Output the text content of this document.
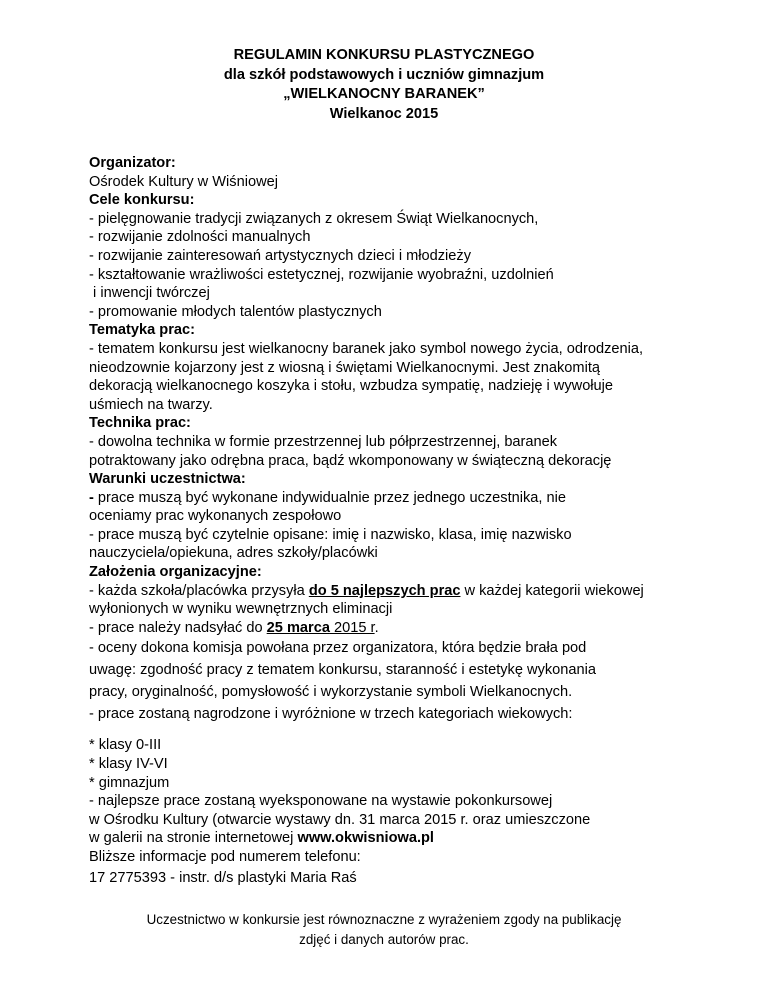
REGULAMIN KONKURSU PLASTYCZNEGO
dla szkół podstawowych i uczniów gimnazjum
„WIELKANOCNY BARANEK”
Wielkanoc 2015
Organizator:
Ośrodek Kultury w Wiśniowej
Cele konkursu:
- pielęgnowanie tradycji związanych z okresem Świąt Wielkanocnych,
- rozwijanie zdolności manualnych
- rozwijanie zainteresowań artystycznych dzieci i młodzieży
- kształtowanie wrażliwości estetycznej, rozwijanie wyobraźni, uzdolnień
i inwencji twórczej
- promowanie młodych talentów plastycznych
Tematyka prac:
- tematem konkursu jest wielkanocny baranek jako symbol nowego życia, odrodzenia,
nieodzownie kojarzony jest z wiosną i świętami Wielkanocnymi. Jest znakomitą
dekoracją wielkanocnego koszyka i stołu, wzbudza sympatię, nadzieję i wywołuje
uśmiech na twarzy.
Technika prac:
- dowolna technika w formie przestrzennej lub półprzestrzennej, baranek
potraktowany jako odrębna praca, bądź wkomponowany w świąteczną dekorację
Warunki uczestnictwa:
- prace muszą być wykonane indywidualnie przez jednego uczestnika, nie
oceniamy prac wykonanych zespołowo
- prace muszą być czytelnie opisane: imię i nazwisko, klasa, imię nazwisko
nauczyciela/opiekuna, adres szkoły/placówki
Założenia organizacyjne:
- każda szkoła/placówka przysyła do 5 najlepszych prac w każdej kategorii wiekowej
wyłonionych w wyniku wewnętrznych eliminacji
- prace należy nadsyłać do 25 marca 2015 r.
- oceny dokona komisja powołana przez organizatora, która będzie brała pod
uwagę: zgodność pracy z tematem konkursu, staranność i estetykę wykonania
pracy, oryginalność, pomysłowość i wykorzystanie symboli Wielkanocnych.
- prace zostaną nagrodzone i wyróżnione w trzech kategoriach wiekowych:
* klasy 0-III
* klasy IV-VI
* gimnazjum
- najlepsze prace zostaną wyeksponowane na wystawie pokonkursowej
w Ośrodku Kultury (otwarcie wystawy dn. 31 marca 2015 r. oraz umieszczone
w galerii na stronie internetowej www.okwisniowa.pl
Bliższe informacje pod numerem telefonu:
17 2775393 - instr. d/s plastyki Maria Raś
Uczestnictwo w konkursie jest równoznaczne z wyrażeniem zgody na publikację
zdjęć i danych autorów prac.
